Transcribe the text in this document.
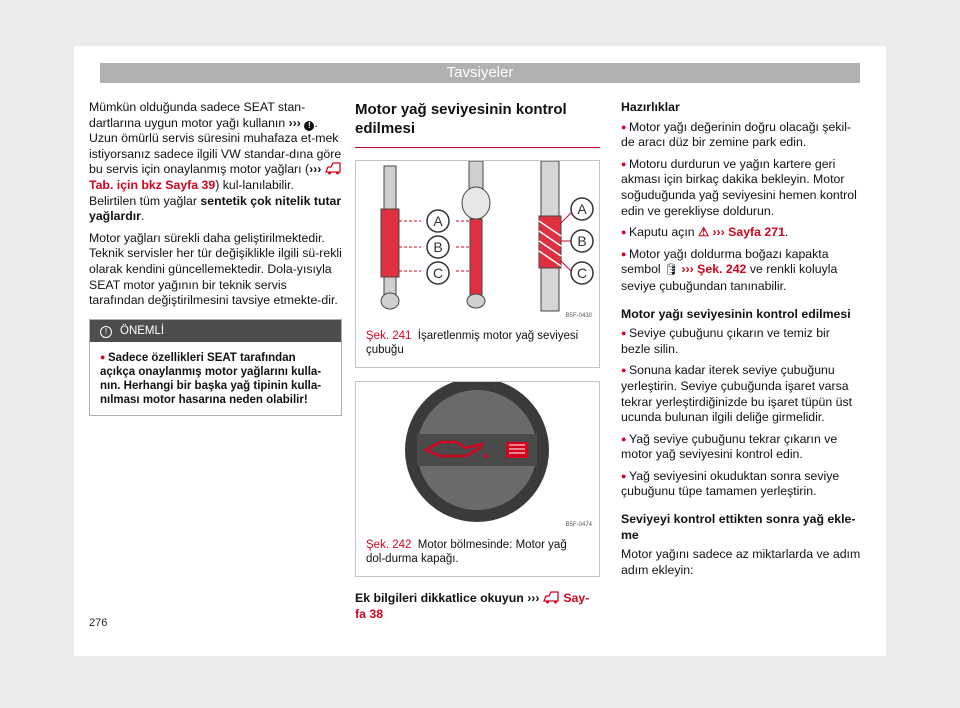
Tavsiyeler

Mümkün olduğunda sadece SEAT stan-dartlarına uygun motor yağı kullanın ››› ! . Uzun ömürlü servis süresini muhafaza et-mek istiyorsanız sadece ilgili VW standar-dına göre bu servis için onaylanmış motor yağları (›››  Tab. için bkz Sayfa 39) kul-lanılabilir. Belirtilen tüm yağlar sentetik çok nitelik tutar yağlardır.

Motor yağları sürekli daha geliştirilmektedir. Teknik servisler her tür değişiklikle ilgili sü-rekli olarak kendini güncellemektedir. Dola-yısıyla SEAT motor yağının bir teknik servis tarafından değiştirilmesini tavsiye etmekte-dir.

! ÖNEMLİ
● Sadece özellikleri SEAT tarafından açıkça onaylanmış motor yağlarını kulla-nın. Herhangi bir başka yağ tipinin kulla-nılması motor hasarına neden olabilir!
Motor yağ seviyesinin kontrol edilmesi
A
B
C
A
B
C
B5F-0430
Şek. 241 İşaretlenmiş motor yağ seviyesi çubuğu
B5F-0474
Şek. 242 Motor bölmesinde: Motor yağ dol-durma kapağı.

Ek bilgileri dikkatlice okuyun ››› Say-fa 38

Hazırlıklar

● Motor yağı değerinin doğru olacağı şekil-de aracı düz bir zemine park edin.

● Motoru durdurun ve yağın kartere geri akması için birkaç dakika bekleyin. Motor soğuduğunda yağ seviyesini hemen kontrol edin ve gerekliyse doldurun.

● Kaputu açın ⚠ ››› Sayfa 271.

● Motor yağı doldurma boğazı kapakta sembol 🛢 ››› Şek. 242 ve renkli koluyla seviye çubuğundan tanınabilir.

Motor yağı seviyesinin kontrol edilmesi

● Seviye çubuğunu çıkarın ve temiz bir bezle silin.

● Sonuna kadar iterek seviye çubuğunu yerleştirin. Seviye çubuğunda işaret varsa tekrar yerleştirdiğinizde bu işaret tüpün üst ucunda bulunan ilgili deliğe girmelidir.

● Yağ seviye çubuğunu tekrar çıkarın ve motor yağ seviyesini kontrol edin.

● Yağ seviyesini okuduktan sonra seviye çubuğunu tüpe tamamen yerleştirin.

Seviyeyi kontrol ettikten sonra yağ ekle-me

Motor yağını sadece az miktarlarda ve adım adım ekleyin:

276
